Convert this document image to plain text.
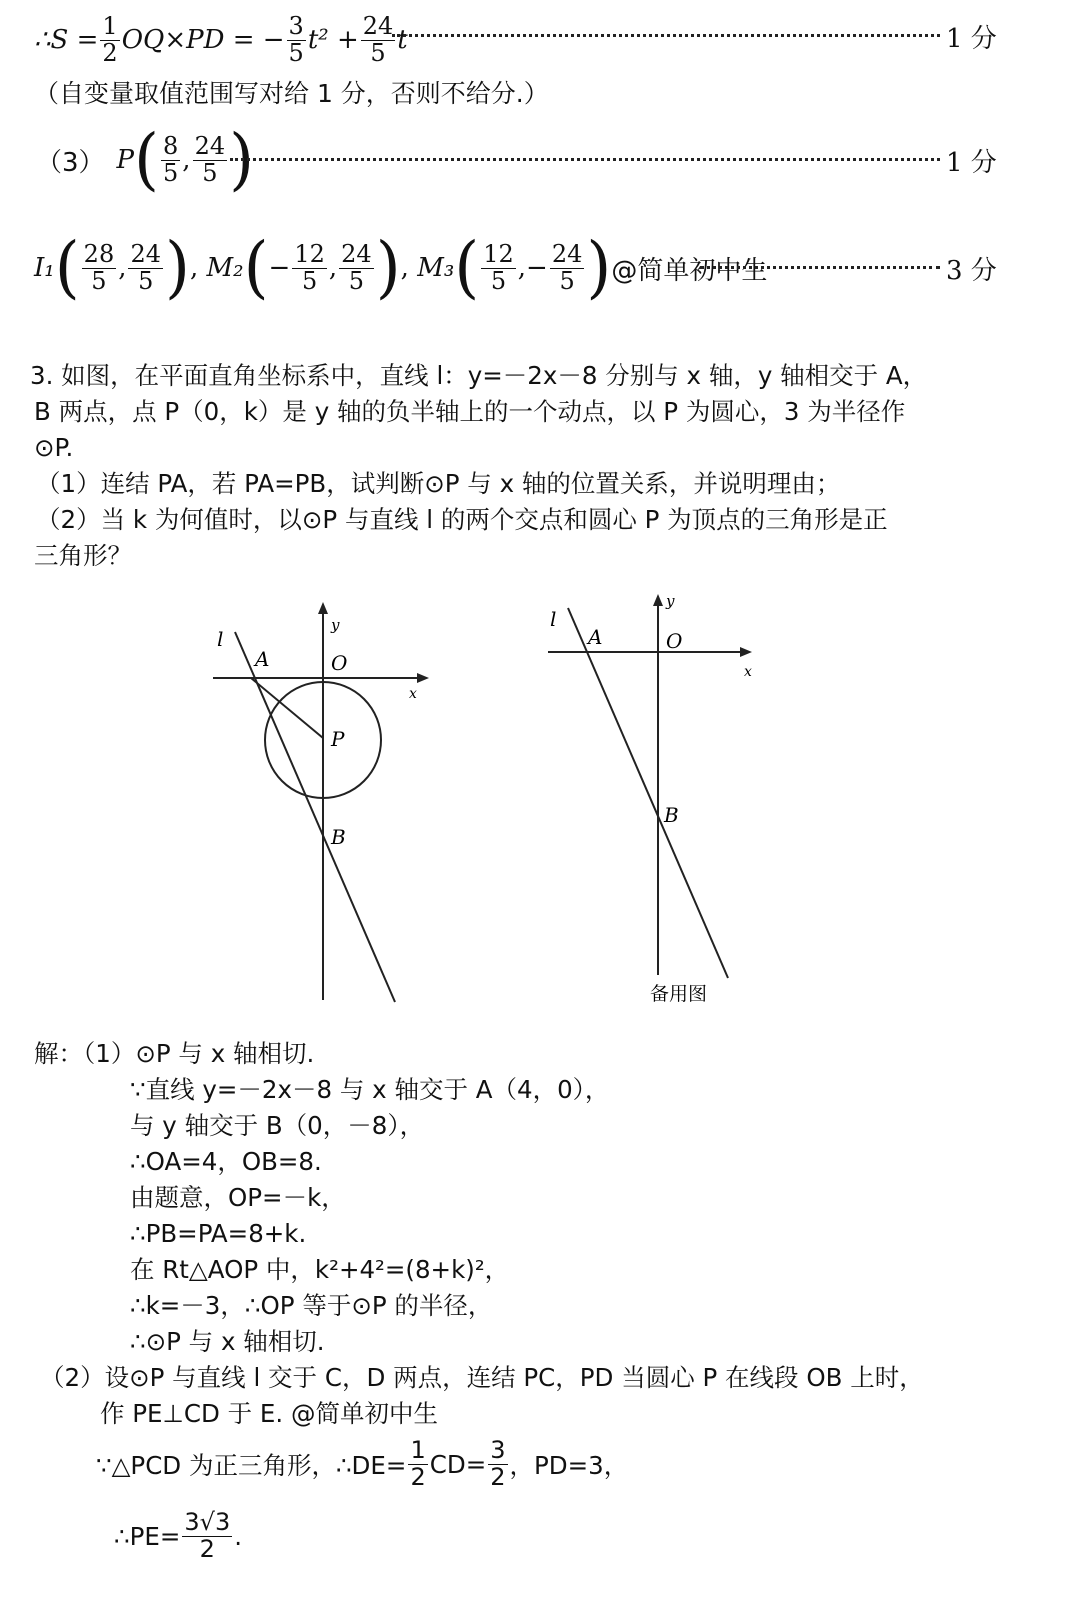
∴S = $\frac{1}{2} OQ\times PD$ = − $\frac{3}{5} t^2 + \frac{24}{5}$ t	1 分
（自变量取值范围写对给 1 分，否则不给分.）
（3） P ( $\frac{8}{5}$ , $\frac{24}{5}$ )	1 分
I₁ ( $\frac{28}{5}$ , $\frac{24}{5}$ ) , M₂ ( − $\frac{12}{5}$ , $\frac{24}{5}$ ) , M₃ ( $\frac{12}{5}$ ,− $\frac{24}{5}$ ) @简单初中生	3 分
3. 如图，在平面直角坐标系中，直线 l：y=－2x－8 分别与 x 轴，y 轴相交于 A，
B 两点，点 P（0，k）是 y 轴的负半轴上的一个动点，以 P 为圆心，3 为半径作
⊙P.
（1）连结 PA，若 PA=PB，试判断⊙P 与 x 轴的位置关系，并说明理由；
（2）当 k 为何值时，以⊙P 与直线 l 的两个交点和圆心 P 为顶点的三角形是正
三角形？
l
A	O
y
x
P
B
l
A	O
y
x
B
备用图
解：（1）⊙P 与 x 轴相切.
∵直线 y=－2x－8 与 x 轴交于 A（4，0），
与 y 轴交于 B（0，－8），
∴OA=4，OB=8.
由题意，OP=－k，
∴PB=PA=8+k.
在 Rt△AOP 中，k²+4²=(8+k)²，
∴k=－3，∴OP 等于⊙P 的半径，
∴⊙P 与 x 轴相切.
（2）设⊙P 与直线 l 交于 C，D 两点，连结 PC，PD 当圆心 P 在线段 OB 上时，
作 PE⊥CD 于 E. @简单初中生
∵△PCD 为正三角形，∴DE= $\frac{1}{2} CD= \frac{3}{2}$ ，PD=3，
∴PE= $\frac{3√3}{2}$ .
